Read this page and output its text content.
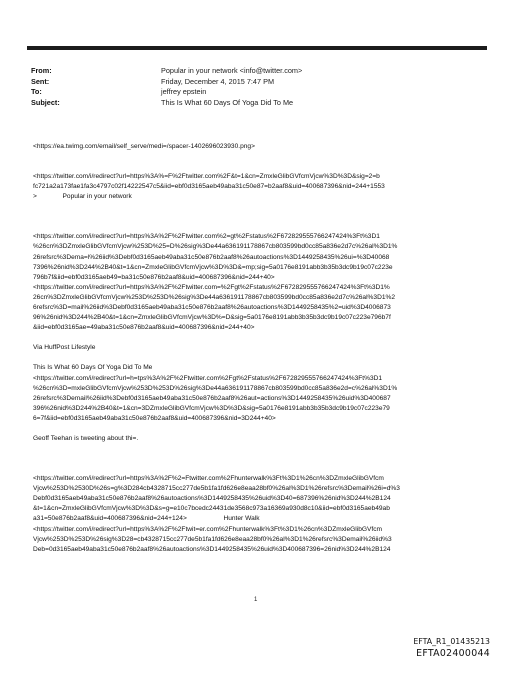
From:	Popular in your network <info@twitter.com>
Sent:	Friday, December 4, 2015 7:47 PM
To:	jeffrey epstein
Subject:	This Is What 60 Days Of Yoga Did To Me
<https://ea.twimg.com/email/self_serve/medi=/spacer-1402696023930.png>
<https://twitter.com/i/redirect?url=https%3A%=F%2Ftwitter.com%2F&t=1&cn=ZmxleGlibGVfcmVjcw%3D%3D&sig=2=b
fc721a2a173fae1fa3c4797c02f14222547c5&iid=ebf0d3165aeb49aba31c50e87=b2aaf8&uid=400687396&nid=244+1553
>              Popular in your network
<https://twitter.com/i/redirect?url=https%3A%2F%2Ftwitter.com%2=gt%2Fstatus%2F672829555766247424%3Ft%3D1
%26cn%3DZmxleGlibGVfcmVjcw%253D%25=D%26sig%3De44a636191178867cb803599bd0cc85a836e2d7c%26al%3D1%
26refsrc%3Dema=l%26iid%3Debf0d3165aeb49aba31c50e876b2aaf8%26autoactions%3D1449258435%26ui=%3D40068
7396%26nid%3D244%2B40&t=1&cn=ZmxleGlibGVfcmVjcw%3D%3D&=mp;sig=5a0176e8191abb3b35b3dc9b19c07c223e
796b7f&iid=ebf0d3165aeb49=ba31c50e876b2aaf8&uid=400687396&nid=244+40>
<https://twitter.com/i/redirect?url=https%3A%2F%2Ftwitter.com=%2Fgt%2Fstatus%2F672829555766247424%3Ft%3D1%
26cn%3DZmxleGlibGVfcmVjcw%253D%253D%26sig%3De44a636191178867cb803599bd0cc85a836e2d7c%26al%3D1%2
6refsrc%3D=mail%26iid%3Debf0d3165aeb49aba31c50e876b2aaf8%26autoactions%3D1449258435%2=uid%3D4006873
96%26nid%3D244%2B40&t=1&cn=ZmxleGlibGVfcmVjcw%3D%=D&sig=5a0176e8191abb3b35b3dc9b19c07c223e796b7f
&iid=ebf0d3165ae=49aba31c50e876b2aaf8&uid=400687396&nid=244+40>
Via HuffPost Lifestyle
This Is What 60 Days Of Yoga Did To Me
<https://twitter.com/i/redirect?url=h=tps%3A%2F%2Ftwitter.com%2Fgt%2Fstatus%2F672829555766247424%3Ft%3D1
%26cn%3D=mxleGlibGVfcmVjcw%253D%253D%26sig%3De44a636191178867cb803599bd0cc85a836e2d=c%26al%3D1%
26refsrc%3Demail%26iid%3Debf0d3165aeb49aba31c50e876b2aaf8%26aut=actions%3D1449258435%26uid%3D400687
396%26nid%3D244%2B40&t=1&cn=3DZmxleGlibGVfcmVjcw%3D%3D&sig=5a0176e8191abb3b35b3dc9b19c07c223e79
6=7f&iid=ebf0d3165aeb49aba31c50e876b2aaf8&uid=400687396&nid=3D244+40>
Geoff Teehan is tweeting about thi=.
<https://twitter.com/i/redirect?url=https%3A%2F%2=Ftwitter.com%2Fhunterwalk%3Ft%3D1%26cn%3DZmxleGlibGVfcm
Vjcw%253D%2530D%26s=g%3D284cb4328715cc277de5b1fa1fd626e8eaa28bf0%26al%3D1%26refsrc%3Demail%26i=d%3
Debf0d3165aeb49aba31c50e876b2aaf8%26autoactions%3D1449258435%26uid%3D40=687396%26nid%3D244%2B124
&t=1&cn=ZmxleGlibGVfcmVjcw%3D%3D&s=g=e10c7bcedc24431de3568c973a16369a930d8c10&iid=ebf0d3165aeb49ab
a31=50e876b2aaf8&uid=400687396&nid=244+124>                    Hunter Walk
<https://twitter.com/i/redirect?url=https%3A%2F%2Ftwit=er.com%2Fhunterwalk%3Ft%3D1%26cn%3DZmxleGlibGVfcm
Vjcw%253D%253D%26sig%3D28=cb4328715cc277de5b1fa1fd626e8eaa28bf0%26al%3D1%26refsrc%3Demail%26iid%3
Deb=0d3165aeb49aba31c50e876b2aaf8%26autoactions%3D1449258435%26uid%3D400687396=26nid%3D244%2B124
1
EFTA_R1_01435213
EFTA02400044
